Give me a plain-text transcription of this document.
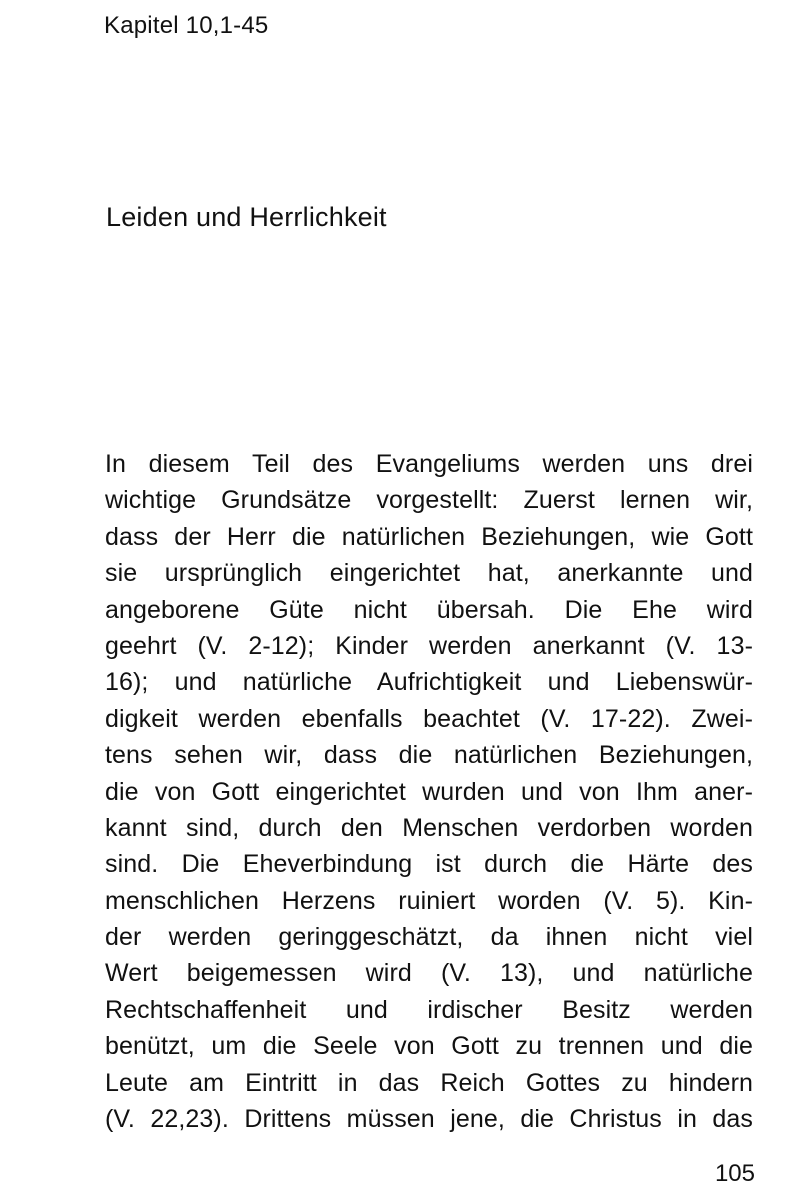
Kapitel 10,1-45
Leiden und Herrlichkeit
In diesem Teil des Evangeliums werden uns drei
wichtige Grundsätze vorgestellt: Zuerst lernen wir,
dass der Herr die natürlichen Beziehungen, wie Gott
sie ursprünglich eingerichtet hat, anerkannte und
angeborene Güte nicht übersah. Die Ehe wird
geehrt (V. 2-12); Kinder werden anerkannt (V. 13-
16); und natürliche Aufrichtigkeit und Liebenswür-
digkeit werden ebenfalls beachtet (V. 17-22). Zwei-
tens sehen wir, dass die natürlichen Beziehungen,
die von Gott eingerichtet wurden und von Ihm aner-
kannt sind, durch den Menschen verdorben worden
sind. Die Eheverbindung ist durch die Härte des
menschlichen Herzens ruiniert worden (V. 5). Kin-
der werden geringgeschätzt, da ihnen nicht viel
Wert beigemessen wird (V. 13), und natürliche
Rechtschaffenheit und irdischer Besitz werden
benützt, um die Seele von Gott zu trennen und die
Leute am Eintritt in das Reich Gottes zu hindern
(V. 22,23). Drittens müssen jene, die Christus in das
105
